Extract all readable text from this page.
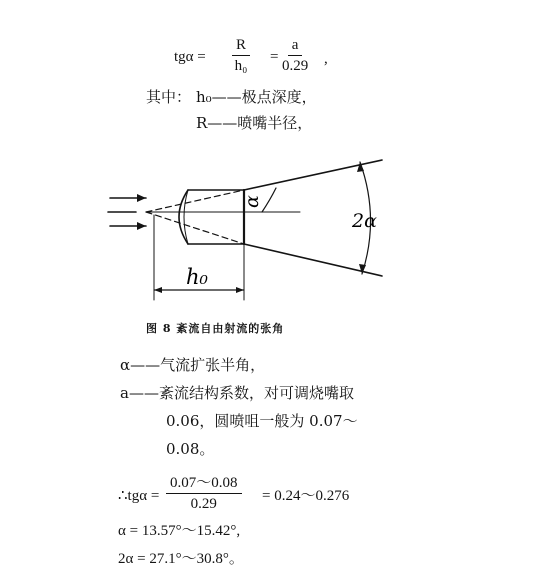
$tg\alpha = \frac{R}{\text{h₀}} = \frac{a}{0.29}$ ,
其中： h₀——极点深度，
R——喷嘴半径，
α
2α
h₀
图 8 紊流自由射流的张角
α——气流扩张半角，
a——紊流结构系数，对可调烧嘴取
0.06，圆喷咀一般为 0.07～
0.08。
∴tgα = $\frac{0.07\sim 0.08}{0.29}$ = 0.24～0.276
α = 13.57°～15.42°,
2α = 27.1°～30.8°。
